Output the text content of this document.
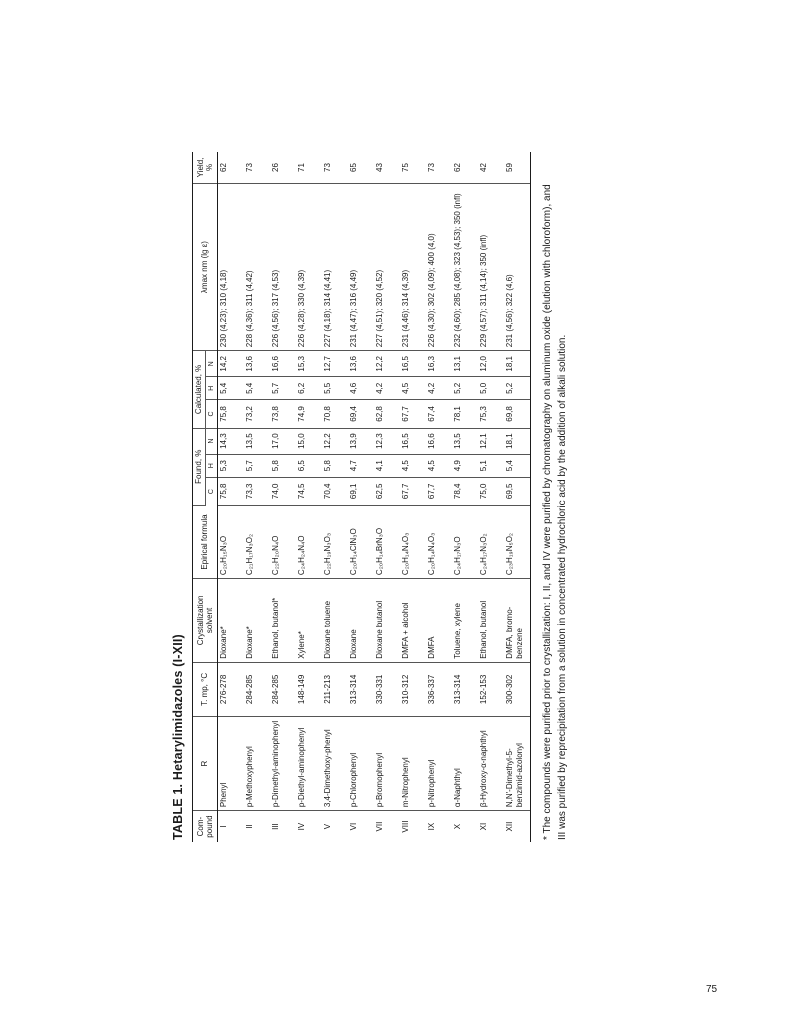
TABLE 1. Hetarylimidazoles (I-XII) Com- pound	R	T. mp, °C	Crystallization solvent	Epirical formula	Found, %			Calculated, %			λmax nm (lg ε)	Yield, %
					C	H	N	C	H	N		
I	Phenyl	276-278	Dioxane*	C₂₀H₁₅N₃O	75,8	5,3	14,3	75,8	5,4	14,2	230 (4,23); 310 (4,18)	62
II	p-Methoxyphenyl	284-285	Dioxane*	C₂₁H₁₇N₃O₂	73,3	5,7	13,5	73,2	5,4	13,6	228 (4,36); 311 (4,42)	73
III	p-Dimethyl-aminophenyl	284-285	Ethanol, butanol*	C₂₂H₂₀N₄O	74,0	5,8	17,0	73,8	5,7	16,6	226 (4,56); 317 (4,53)	26
IV	p-Diethyl-aminophenyl	148-149	Xylene*	C₂₄H₂₄N₄O	74,5	6,5	15,0	74,9	6,2	15,3	226 (4,28); 330 (4,39)	71
V	3,4-Dimethoxy-phenyl	211-213	Dioxane toluene	C₂₂H₁₉N₃O₃	70,4	5,8	12,2	70,8	5,5	12,7	227 (4,18); 314 (4,41)	73
VI	p-Chlorophenyl	313-314	Dioxane	C₂₀H₁₄ClN₃O	69,1	4,7	13,9	69,4	4,6	13,6	231 (4,47); 316 (4,49)	65
VII	p-Bromophenyl	330-331	Dioxane butanol	C₂₀H₁₄BrN₃O	62,5	4,1	12,3	62,8	4,2	12,2	227 (4,51); 320 (4,52)	43
VIII	m-Nitrophenyl	310-312	DMFA + alcohol	C₂₀H₁₄N₄O₃	67,7	4,5	16,5	67,7	4,5	16,5	231 (4,46); 314 (4,39)	75
IX	p-Nitrophenyl	336-337	DMFA	C₂₀H₁₄N₄O₃	67,7	4,5	16,6	67,4	4,2	16,3	226 (4,30); 302 (4,09); 400 (4,0)	73
X	α-Naphthyl	313-314	Toluene, xylene	C₂₄H₁₇N₃O	78,4	4,9	13,5	78,1	5,2	13,1	232 (4,60); 285 (4,08); 323 (4,53); 350 (infl)	62
XI	β-Hydroxy-α-naphthyl	152-153	Ethanol, butanol	C₂₄H₁₇N₃O₂	75,0	5,1	12,1	75,3	5,0	12,0	229 (4,57); 311 (4,14); 350 (infl)	42
XII	N,N'-Dimethyl-5-benzimid-azolonyl	300-302	DMFA, bromo-benzene	C₂₃H₁₉N₅O₂	69,5	5,4	18,1	69,8	5,2	18,1	231 (4,56); 322 (4,6)	59
* The compounds were purified prior to crystallization: I, II, and IV were purified by chromatography on aluminum oxide (elution with chloroform), and III was purified by reprecipitation from a solution in concentrated hydrochloric acid by the addition of alkali solution.
75
